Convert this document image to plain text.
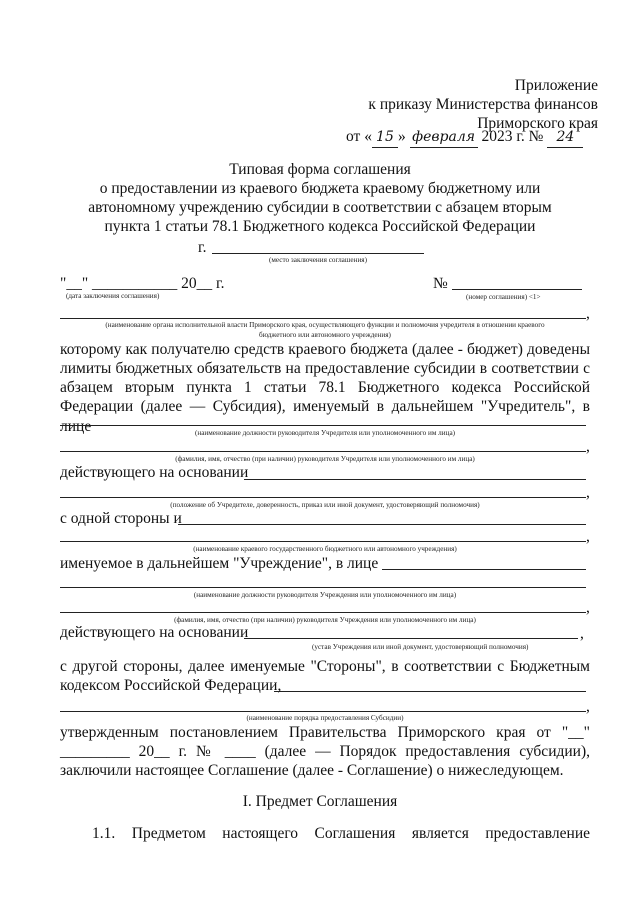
Приложение
к приказу Министерства финансов
Приморского края
от « 15 » февраля 2023 г. № 24
Типовая форма соглашения
о предоставлении из краевого бюджета краевому бюджетному или
автономному учреждению субсидии в соответствии с абзацем вторым
пункта 1 статьи 78.1 Бюджетного кодекса Российской Федерации
г.
(место заключения соглашения)
"__" ___________ 20__ г.
(дата заключения соглашения)
№
(номер соглашения) <1>
,
(наименование органа исполнительной власти Приморского края, осуществляющего функции и полномочия учредителя в отношении краевого
бюджетного или автономного учреждения)
которому как получателю средств краевого бюджета (далее - бюджет) доведены
лимиты бюджетных обязательств на предоставление субсидии в соответствии с
абзацем вторым пункта 1 статьи 78.1 Бюджетного кодекса Российской
Федерации (далее — Субсидия), именуемый в дальнейшем "Учредитель", в лице	(наименование должности руководителя Учредителя или уполномоченного им лица)
,
(фамилия, имя, отчество (при наличии) руководителя Учредителя или уполномоченного им лица)
действующего на основании
,
(положение об Учредителе, доверенность, приказ или иной документ, удостоверяющий полномочия)
с одной стороны и
,
(наименование краевого государственного бюджетного или автономного учреждения)
именуемое в дальнейшем "Учреждение", в лице
(наименование должности руководителя Учреждения или уполномоченного им лица)
,
(фамилия, имя, отчество (при наличии) руководителя Учреждения или уполномоченного им лица)
действующего на основании	,
(устав Учреждения или иной документ, удостоверяющий полномочия)
с другой стороны, далее именуемые "Стороны", в соответствии с Бюджетным
кодексом Российской Федерации,
,
(наименование порядка предоставления Субсидии)
утвержденным постановлением Правительства Приморского края от "__"
_________ 20__ г. № ____ (далее — Порядок предоставления субсидии),
заключили настоящее Соглашение (далее - Соглашение) о нижеследующем.
I. Предмет Соглашения
1.1. Предметом настоящего Соглашения является предоставление
